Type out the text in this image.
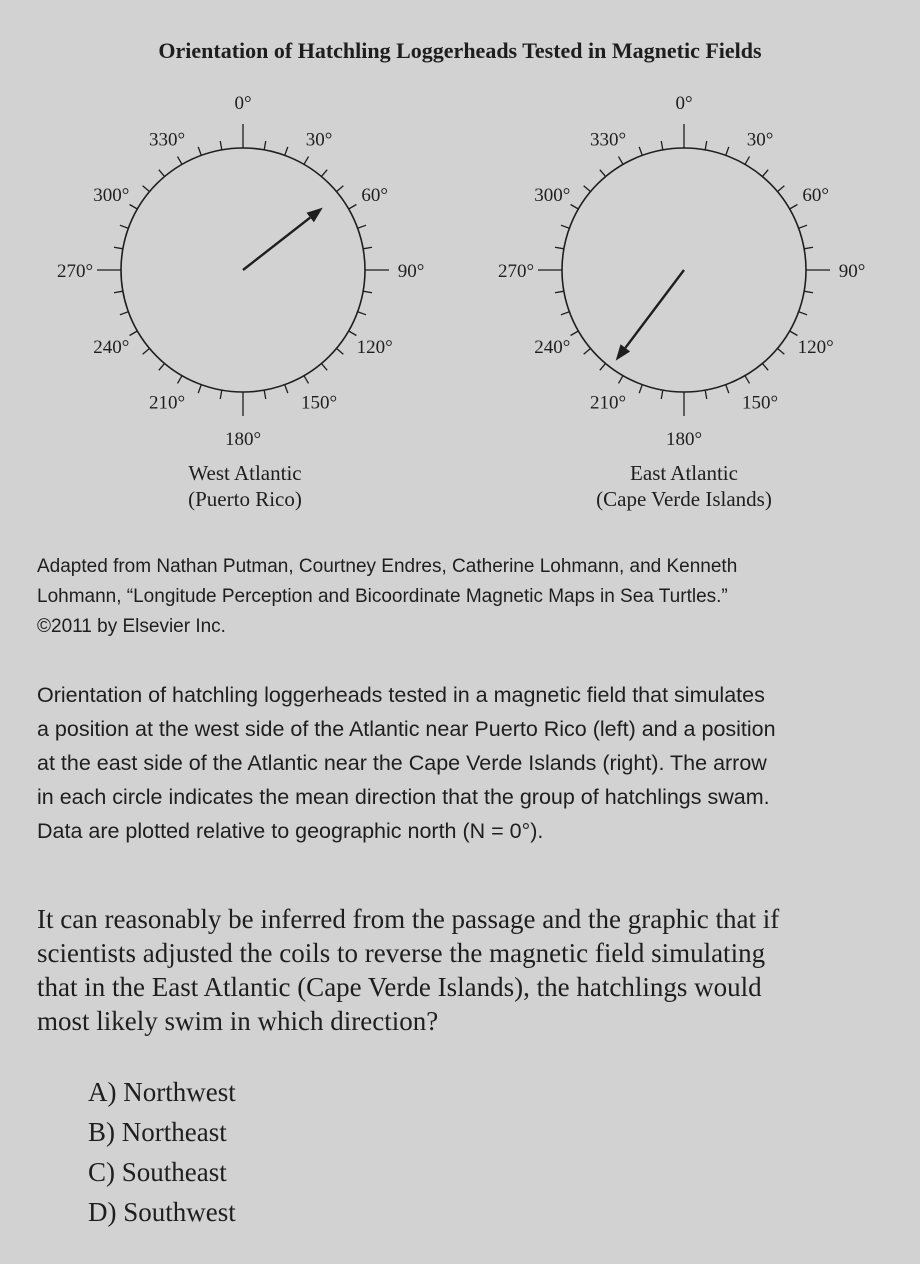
Orientation of Hatchling Loggerheads Tested in Magnetic Fields
0°
30°
60°
90°
120°
150°
180°
210°
240°
270°
300°
330°
0°
30°
60°
90°
120°
150°
180°
210°
240°
270°
300°
330°
West Atlantic
(Puerto Rico)
East Atlantic
(Cape Verde Islands)
Adapted from Nathan Putman, Courtney Endres, Catherine Lohmann, and Kenneth
Lohmann, “Longitude Perception and Bicoordinate Magnetic Maps in Sea Turtles.”
©2011 by Elsevier Inc.
Orientation of hatchling loggerheads tested in a magnetic field that simulates
a position at the west side of the Atlantic near Puerto Rico (left) and a position
at the east side of the Atlantic near the Cape Verde Islands (right). The arrow
in each circle indicates the mean direction that the group of hatchlings swam.
Data are plotted relative to geographic north (N = 0°).
It can reasonably be inferred from the passage and the graphic that if
scientists adjusted the coils to reverse the magnetic field simulating
that in the East Atlantic (Cape Verde Islands), the hatchlings would
most likely swim in which direction?
A) Northwest
B) Northeast
C) Southeast
D) Southwest
